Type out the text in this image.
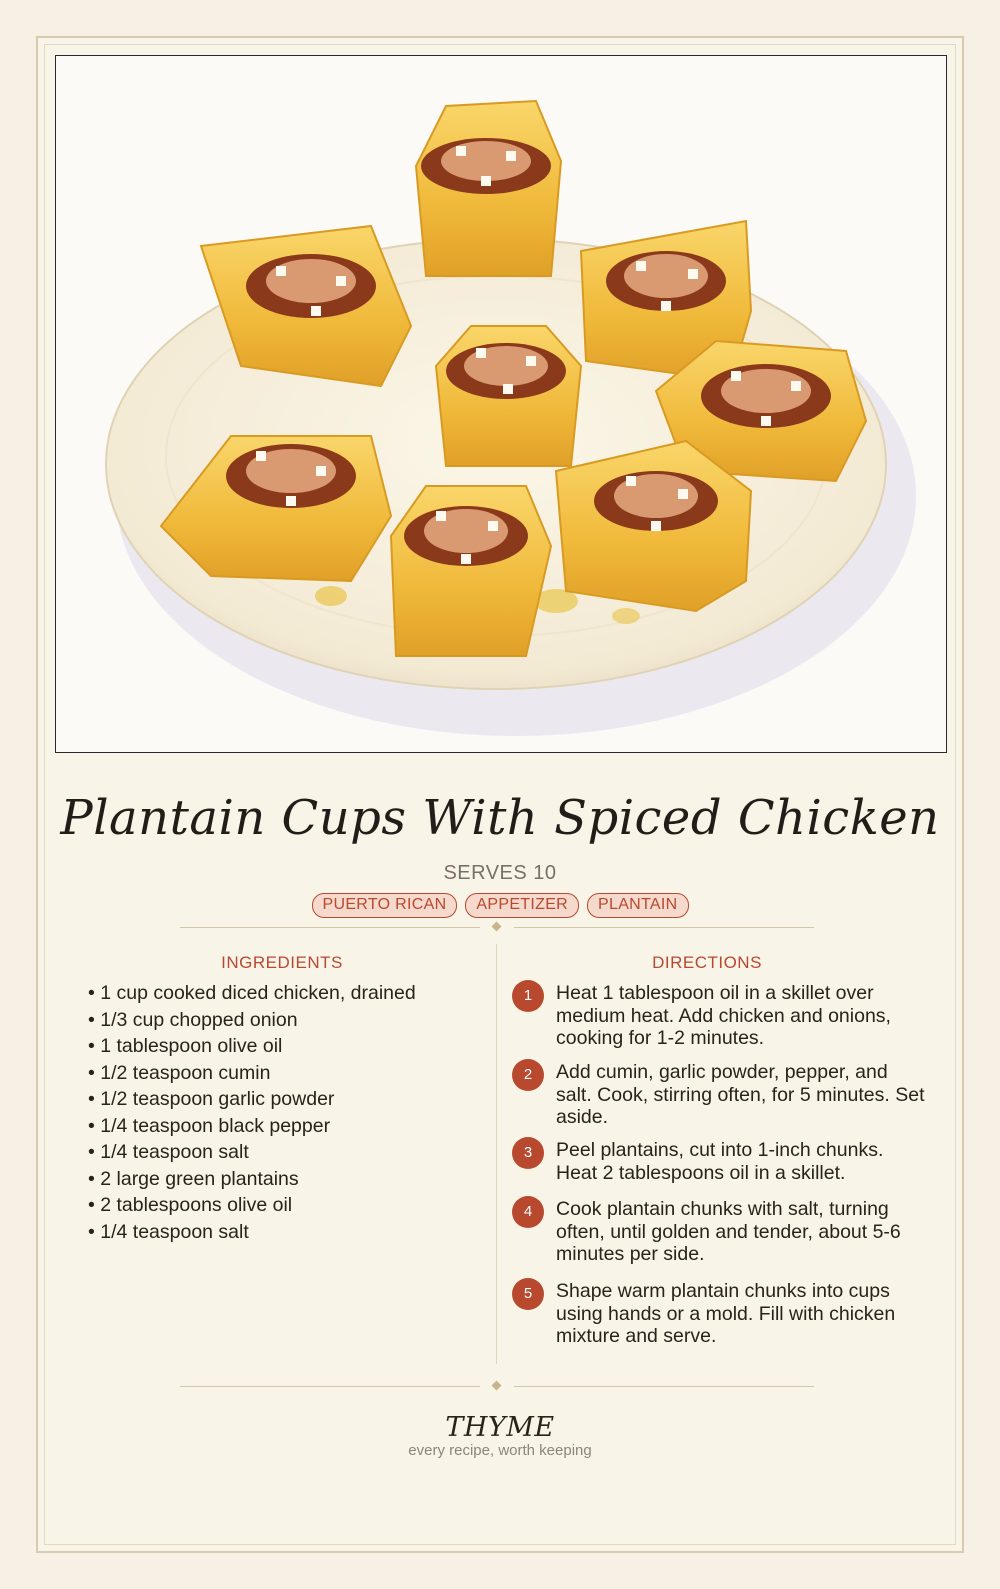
Plantain Cups With Spiced Chicken
SERVES 10
PUERTO RICAN	APPETIZER	PLANTAIN
INGREDIENTS	DIRECTIONS
• 1 cup cooked diced chicken, drained
• 1/3 cup chopped onion
• 1 tablespoon olive oil
• 1/2 teaspoon cumin
• 1/2 teaspoon garlic powder
• 1/4 teaspoon black pepper
• 1/4 teaspoon salt
• 2 large green plantains
• 2 tablespoons olive oil
• 1/4 teaspoon salt
1	Heat 1 tablespoon oil in a skillet over medium heat. Add chicken and onions, cooking for 1-2 minutes.
2	Add cumin, garlic powder, pepper, and salt. Cook, stirring often, for 5 minutes. Set aside.
3	Peel plantains, cut into 1-inch chunks. Heat 2 tablespoons oil in a skillet.
4	Cook plantain chunks with salt, turning often, until golden and tender, about 5-6 minutes per side.
5	Shape warm plantain chunks into cups using hands or a mold. Fill with chicken mixture and serve.
THYME
every recipe, worth keeping
